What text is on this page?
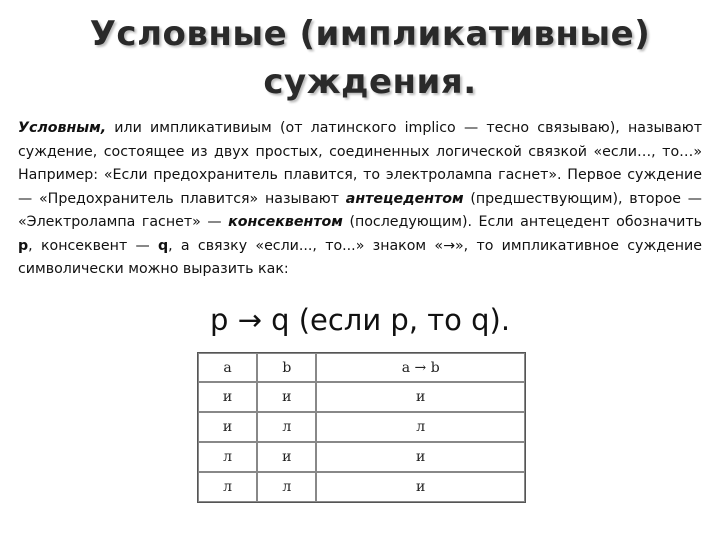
Условные (импликативные)
суждения.
Условным, или импликативиым (от латинского implico — тесно связываю), называют суждение, состоящее из двух простых, соединенных логической связкой «если…, то…» Например: «Если предохранитель плавится, то электролампа гаснет». Первое суждение — «Предохранитель плавится» называют антецедентом (предшествующим), второе — «Электролампа гаснет» — консеквентом (последующим). Если антецедент обозначить р, консеквент — q, а связку «если..., то...» знаком «→», то импликативное суждение символически можно выразить как:
р → q (если р, то q).
a	b	a → b
и	и	и
и	л	л
л	и	и
л	л	и
